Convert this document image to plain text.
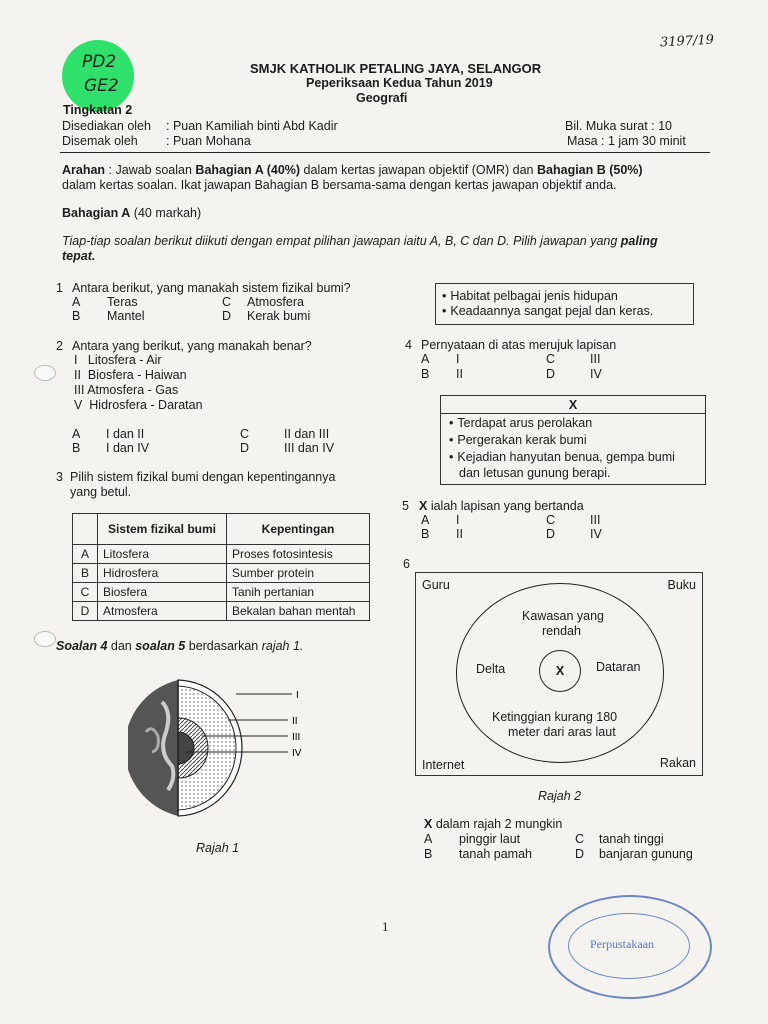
3197/19
PD2
GE2
SMJK KATHOLIK PETALING JAYA, SELANGOR
Peperiksaan Kedua Tahun 2019
Geografi
Tingkatan 2
Disediakan oleh : Puan Kamiliah binti Abd Kadir
Disemak oleh : Puan Mohana
Bil. Muka surat : 10
Masa : 1 jam 30 minit
Arahan : Jawab soalan Bahagian A (40%) dalam kertas jawapan objektif (OMR) dan Bahagian B (50%)
dalam kertas soalan. Ikat jawapan Bahagian B bersama-sama dengan kertas jawapan objektif anda.
Bahagian A (40 markah)
Tiap-tiap soalan berikut diikuti dengan empat pilihan jawapan iaitu A, B, C dan D. Pilih jawapan yang paling
tepat.
1 Antara berikut, yang manakah sistem fizikal bumi?
A Teras	C Atmosfera
B Mantel	D Kerak bumi
2 Antara yang berikut, yang manakah benar?
I   Litosfera - Air
II  Biosfera - Haiwan
III Atmosfera - Gas
V  Hidrosfera - Daratan
A I dan II	C	II dan III
B I dan IV	D	III dan IV
3 Pilih sistem fizikal bumi dengan kepentingannya
yang betul.
	Sistem fizikal bumi	Kepentingan
A	Litosfera	Proses fotosintesis
B	Hidrosfera	Sumber protein
C	Biosfera	Tanih pertanian
D	Atmosfera	Bekalan bahan mentah
Soalan 4 dan soalan 5 berdasarkan rajah 1.
I
II
III
IV
Rajah 1
• Habitat pelbagai jenis hidupan
• Keadaannya sangat pejal dan keras.
4 Pernyataan di atas merujuk lapisan
A I	C	III
B II	D	IV
X
• Terdapat arus perolakan
• Pergerakan kerak bumi
• Kejadian hanyutan benua, gempa bumi
dan letusan gunung berapi.
5 X ialah lapisan yang bertanda
A I	C	III
B II	D	IV
6
Guru	Buku
Internet	Rakan
X
Kawasan yang
rendah
Delta	Dataran
Ketinggian kurang 180
meter dari aras laut
Rajah 2
X dalam rajah 2 mungkin
A pinggir laut	C tanah tinggi
B tanah pamah	D banjaran gunung
1
Perpustakaan
